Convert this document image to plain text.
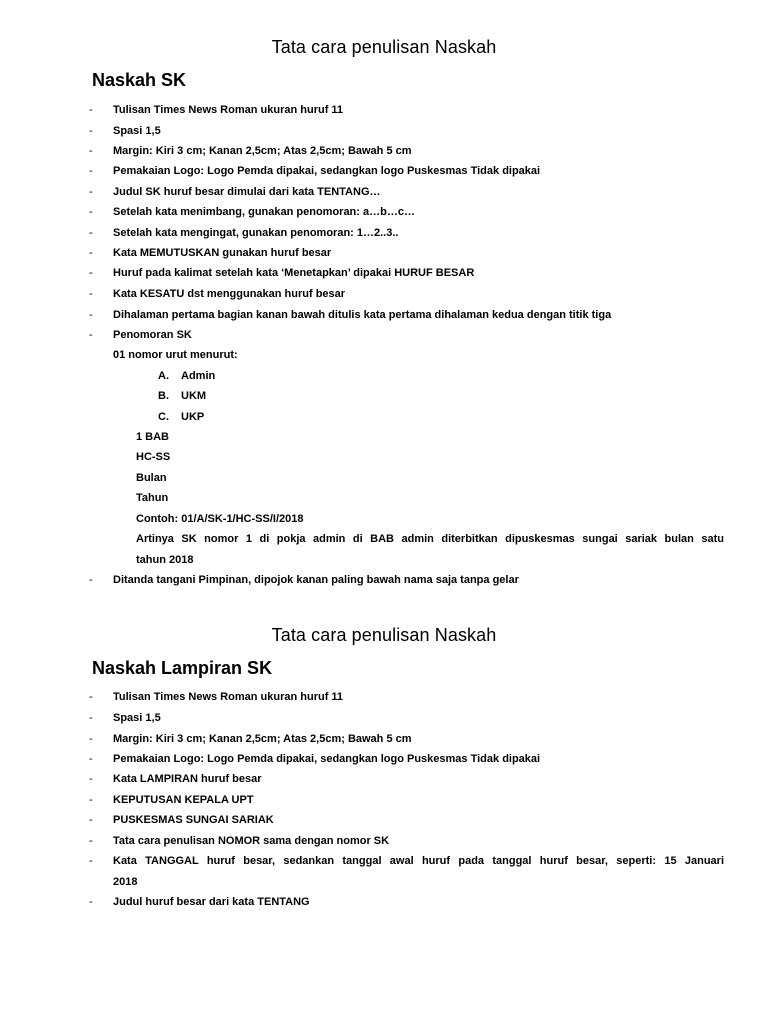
Tata cara penulisan Naskah
Naskah SK
- Tulisan Times News Roman ukuran huruf 11
- Spasi 1,5
- Margin: Kiri 3 cm; Kanan 2,5cm; Atas 2,5cm; Bawah 5 cm
- Pemakaian Logo: Logo Pemda dipakai, sedangkan logo Puskesmas Tidak dipakai
- Judul SK huruf besar dimulai dari kata TENTANG…
- Setelah kata menimbang, gunakan penomoran: a…b…c…
- Setelah kata mengingat, gunakan penomoran: 1…2..3..
- Kata MEMUTUSKAN gunakan huruf besar
- Huruf pada kalimat setelah kata ‘Menetapkan’ dipakai HURUF BESAR
- Kata KESATU dst menggunakan huruf besar
- Dihalaman pertama bagian kanan bawah ditulis kata pertama dihalaman kedua dengan titik tiga
- Penomoran SK
01 nomor urut menurut:
A. Admin
B. UKM
C. UKP
1 BAB
HC-SS
Bulan
Tahun
Contoh: 01/A/SK-1/HC-SS/I/2018
Artinya SK nomor 1 di pokja admin di BAB admin diterbitkan dipuskesmas sungai sariak bulan satu
tahun 2018
- Ditanda tangani Pimpinan, dipojok kanan paling bawah nama saja tanpa gelar
Tata cara penulisan Naskah
Naskah Lampiran SK
- Tulisan Times News Roman ukuran huruf 11
- Spasi 1,5
- Margin: Kiri 3 cm; Kanan 2,5cm; Atas 2,5cm; Bawah 5 cm
- Pemakaian Logo: Logo Pemda dipakai, sedangkan logo Puskesmas Tidak dipakai
- Kata LAMPIRAN huruf besar
- KEPUTUSAN KEPALA UPT
- PUSKESMAS SUNGAI SARIAK
- Tata cara penulisan NOMOR sama dengan nomor SK
- Kata TANGGAL huruf besar, sedankan tanggal awal huruf pada tanggal huruf besar, seperti: 15 Januari
2018
- Judul huruf besar dari kata TENTANG
